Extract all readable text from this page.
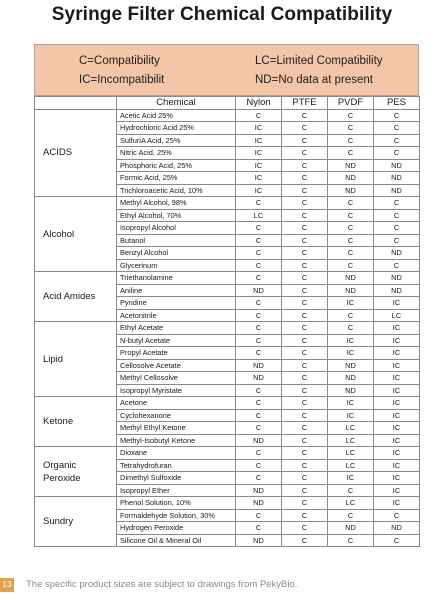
Syringe Filter Chemical Compatibility
C=Compatibility
IC=Incompatibilit
LC=Limited Compatibility
ND=No data at present
	Chemical	Nylon	PTFE	PVDF	PES
ACIDS	Acetic Acid 25%	C	C	C	C
	Hydrochloric Acid 25%	IC	C	C	C
	SulfuriA Acid, 25%	IC	C	C	C
	Nitric Acid, 25%	IC	C	C	C
	Phosphoric Acid, 25%	IC	C	ND	ND
	Formic Acid, 25%	IC	C	ND	ND
	Trichloroacetic Acid, 10%	IC	C	ND	ND
Alcohol	Methyl Alcohol, 98%	C	C	C	C
	Ethyl Alcohol, 70%	LC	C	C	C
	Isopropyl Alcohol	C	C	C	C
	Butanol	C	C	C	C
	Benzyl Alcohol	C	C	C	ND
	Glycerinum	C	C	C	C
Acid Amides	Triethanolamine	C	C	ND	ND
	Aniline	ND	C	ND	ND
	Pyridine	C	C	IC	IC
	Acetonitrile	C	C	C	LC
Lipid	Ethyl Acetate	C	C	C	IC
	N-butyl Acetate	C	C	IC	IC
	Propyl Acetate	C	C	IC	IC
	Cellosolve Acetate	ND	C	ND	IC
	Methyl Cellosolve	ND	C	ND	IC
	Isopropyl Myristate	C	C	ND	IC
Ketone	Acetone	C	C	IC	IC
	Cyclohexanone	C	C	IC	IC
	Methyl Ethyl Ketone	C	C	LC	IC
	Methyl-Isobutyl Ketone	ND	C	LC	IC
Organic Peroxide	Dioxane	C	C	LC	IC
	Tetrahydrofuran	C	C	LC	IC
	Dimethyl Sulfoxide	C	C	IC	IC
	Isopropyl Ether	ND	C	C	IC
Sundry	Phenol Solution, 10%	ND	C	LC	IC
	Formaldehyde Solution, 30%	C	C	C	C
	Hydrogen Peroxide	C	C	ND	ND
	Silicone Oil & Mineral Oil	ND	C	C	C
13 The specific product sizes are subject to drawings from PekyBio.
